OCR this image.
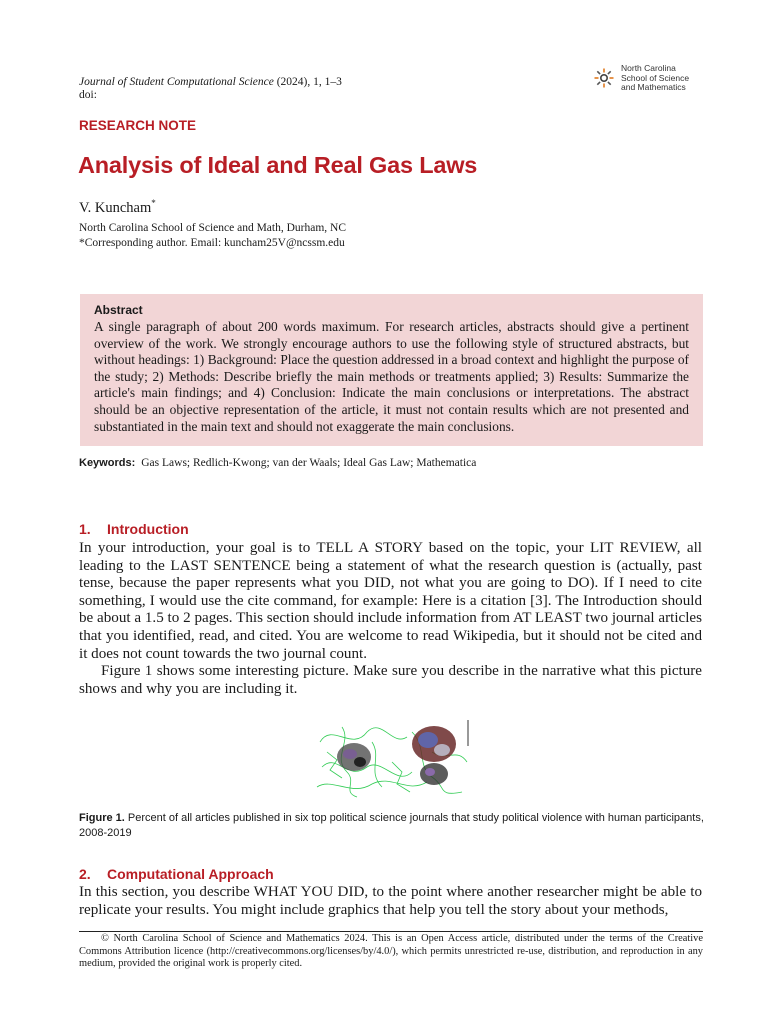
Journal of Student Computational Science (2024), 1, 1–3
doi:
North Carolina
School of Science
and Mathematics
RESEARCH NOTE
Analysis of Ideal and Real Gas Laws
V. Kuncham*
North Carolina School of Science and Math, Durham, NC
*Corresponding author. Email: kuncham25V@ncssm.edu
Abstract
A single paragraph of about 200 words maximum. For research articles, abstracts should give a pertinent overview of the work. We strongly encourage authors to use the following style of structured abstracts, but without headings: 1) Background: Place the question addressed in a broad context and highlight the purpose of the study; 2) Methods: Describe briefly the main methods or treatments applied; 3) Results: Summarize the article's main findings; and 4) Conclusion: Indicate the main conclusions or interpretations. The abstract should be an objective representation of the article, it must not contain results which are not presented and substantiated in the main text and should not exaggerate the main conclusions.
Keywords: Gas Laws; Redlich-Kwong; van der Waals; Ideal Gas Law; Mathematica
1. Introduction

In your introduction, your goal is to TELL A STORY based on the topic, your LIT REVIEW, all leading to the LAST SENTENCE being a statement of what the research question is (actually, past tense, because the paper represents what you DID, not what you are going to DO). If I need to cite something, I would use the cite command, for example: Here is a citation [3]. The Introduction should be about a 1.5 to 2 pages. This section should include information from AT LEAST two journal articles that you identified, read, and cited. You are welcome to read Wikipedia, but it should not be cited and it does not count towards the two journal count.

Figure 1 shows some interesting picture. Make sure you describe in the narrative what this picture shows and why you are including it.

Figure 1. Percent of all articles published in six top political science journals that study political violence with human participants, 2008-2019
2. Computational Approach

In this section, you describe WHAT YOU DID, to the point where another researcher might be able to replicate your results. You might include graphics that help you tell the story about your methods,

© North Carolina School of Science and Mathematics 2024. This is an Open Access article, distributed under the terms of the Creative Commons Attribution licence (http://creativecommons.org/licenses/by/4.0/), which permits unrestricted re-use, distribution, and reproduction in any medium, provided the original work is properly cited.
